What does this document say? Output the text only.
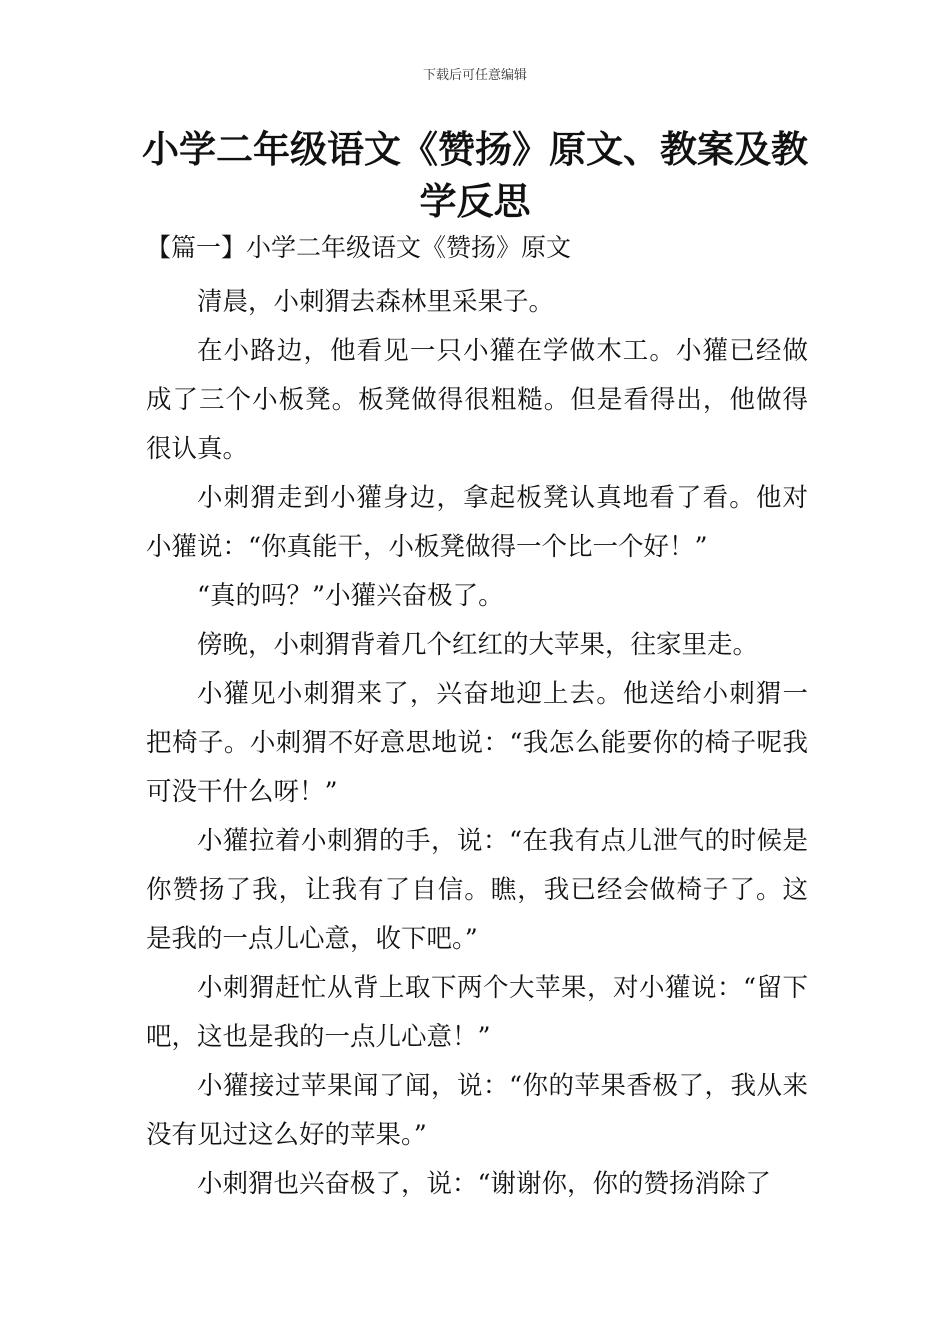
下载后可任意编辑
小学二年级语文《赞扬》原文、教案及教学反思
【篇一】小学二年级语文《赞扬》原文

清晨，小刺猬去森林里采果子。

在小路边，他看见一只小獾在学做木工。小獾已经做成了三个小板凳。板凳做得很粗糙。但是看得出，他做得很认真。

小刺猬走到小獾身边，拿起板凳认真地看了看。他对小獾说：“你真能干，小板凳做得一个比一个好！”

“真的吗？”小獾兴奋极了。

傍晚，小刺猬背着几个红红的大苹果，往家里走。

小獾见小刺猬来了，兴奋地迎上去。他送给小刺猬一把椅子。小刺猬不好意思地说：“我怎么能要你的椅子呢我可没干什么呀！”

小獾拉着小刺猬的手，说：“在我有点儿泄气的时候是你赞扬了我，让我有了自信。瞧，我已经会做椅子了。这是我的一点儿心意，收下吧。”

小刺猬赶忙从背上取下两个大苹果，对小獾说：“留下吧，这也是我的一点儿心意！”

小獾接过苹果闻了闻，说：“你的苹果香极了，我从来没有见过这么好的苹果。”

小刺猬也兴奋极了，说：“谢谢你，你的赞扬消除了
